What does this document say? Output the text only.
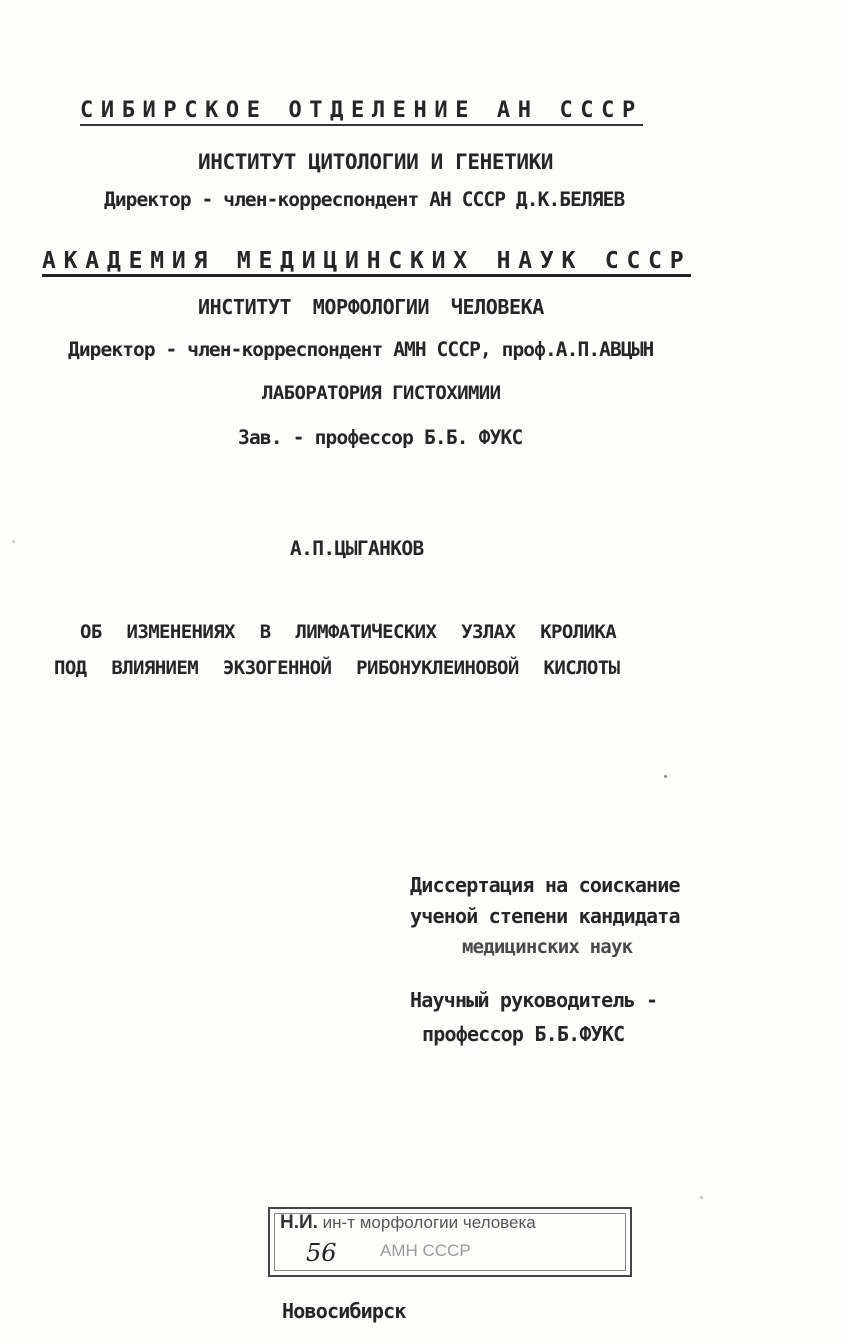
СИБИРСКОЕ ОТДЕЛЕНИЕ АН СССР
ИНСТИТУТ ЦИТОЛОГИИ И ГЕНЕТИКИ
Директор - член-корреспондент АН СССР Д.К.БЕЛЯЕВ
АКАДЕМИЯ МЕДИЦИНСКИХ НАУК СССР
ИНСТИТУТ МОРФОЛОГИИ ЧЕЛОВЕКА
Директор - член-корреспондент АМН СССР, проф.А.П.АВЦЫН
ЛАБОРАТОРИЯ ГИСТОХИМИИ
Зав. - профессор Б.Б. ФУКС
А.П.ЦЫГАНКОВ
ОБ ИЗМЕНЕНИЯХ В ЛИМФАТИЧЕСКИХ УЗЛАХ КРОЛИКА
ПОД ВЛИЯНИЕМ ЭКЗОГЕННОЙ РИБОНУКЛЕИНОВОЙ КИСЛОТЫ
Диссертация на соискание
ученой степени кандидата
медицинских наук
Научный руководитель -
профессор Б.Б.ФУКС
Н.И. ин-т морфологии человека
56	АМН СССР
Новосибирск
